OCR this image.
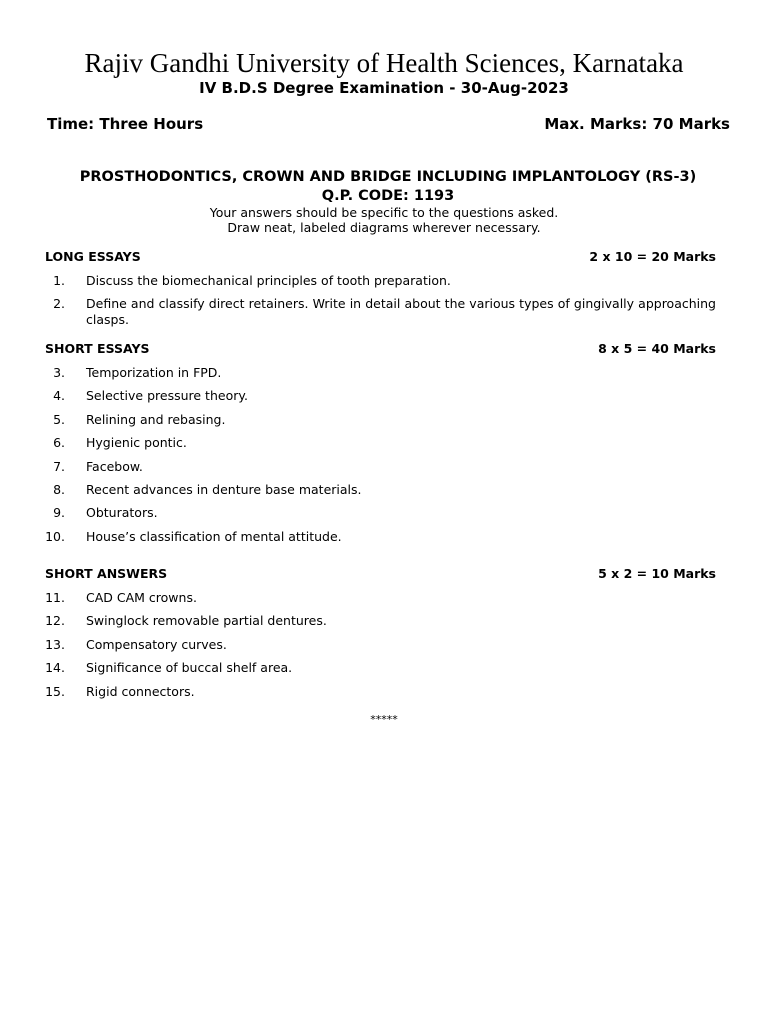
Rajiv Gandhi University of Health Sciences, Karnataka
IV B.D.S Degree Examination - 30-Aug-2023
Time: Three Hours	Max. Marks: 70 Marks
PROSTHODONTICS, CROWN AND BRIDGE INCLUDING IMPLANTOLOGY (RS-3)
Q.P. CODE: 1193
Your answers should be specific to the questions asked.
Draw neat, labeled diagrams wherever necessary.
LONG ESSAYS	2 x 10 = 20 Marks
1.	Discuss the biomechanical principles of tooth preparation.
2.	Define and classify direct retainers. Write in detail about the various types of gingivally approaching clasps.
SHORT ESSAYS	8 x 5 = 40 Marks
3.	Temporization in FPD.
4.	Selective pressure theory.
5.	Relining and rebasing.
6.	Hygienic pontic.
7.	Facebow.
8.	Recent advances in denture base materials.
9.	Obturators.
10.	House’s classification of mental attitude.
SHORT ANSWERS	5 x 2 = 10 Marks
11.	CAD CAM crowns.
12.	Swinglock removable partial dentures.
13.	Compensatory curves.
14.	Significance of buccal shelf area.
15.	Rigid connectors.
*****
